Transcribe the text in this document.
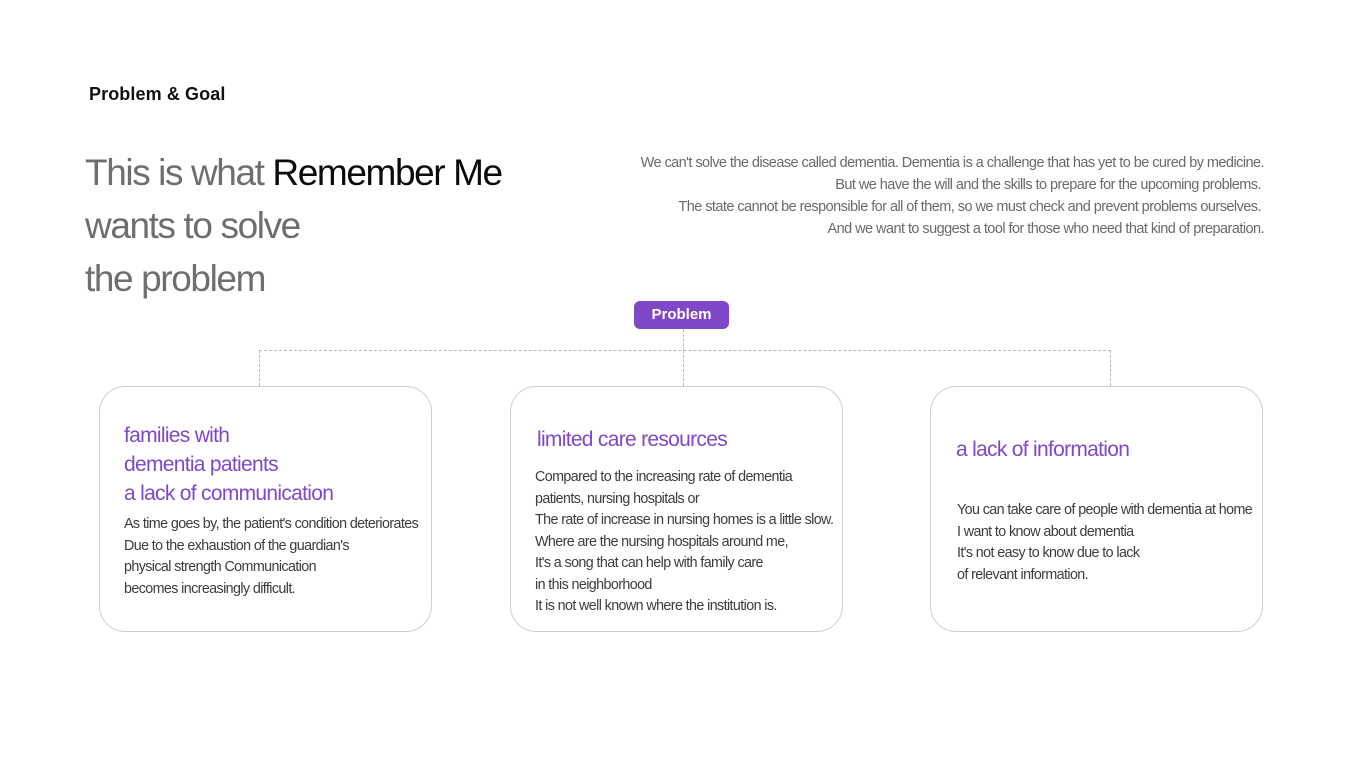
Problem & Goal
This is what Remember Me
wants to solve
the problem
We can't solve the disease called dementia. Dementia is a challenge that has yet to be cured by medicine.
But we have the will and the skills to prepare for the upcoming problems.
The state cannot be responsible for all of them, so we must check and prevent problems ourselves.
And we want to suggest a tool for those who need that kind of preparation.
Problem
families with
dementia patients
a lack of communication
As time goes by, the patient's condition deteriorates
Due to the exhaustion of the guardian's
physical strength Communication
becomes increasingly difficult.
limited care resources
Compared to the increasing rate of dementia
patients, nursing hospitals or
The rate of increase in nursing homes is a little slow.
Where are the nursing hospitals around me,
It's a song that can help with family care
in this neighborhood
It is not well known where the institution is.
a lack of information
You can take care of people with dementia at home
I want to know about dementia
It's not easy to know due to lack
of relevant information.
